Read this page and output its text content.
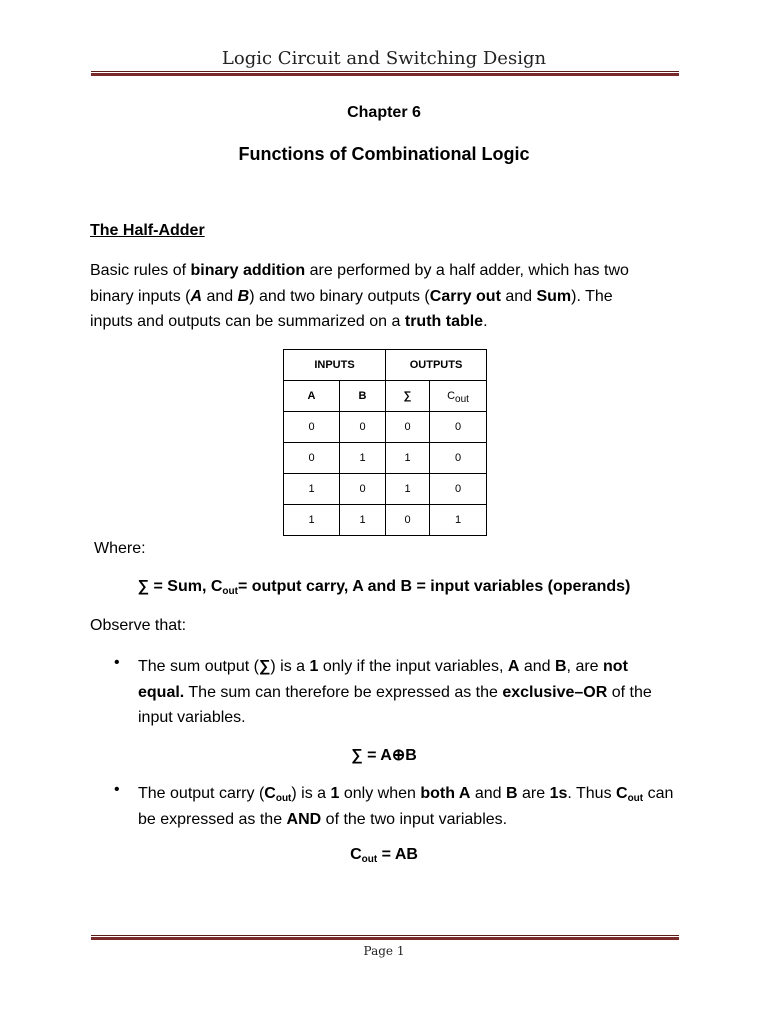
Logic Circuit and Switching Design
Chapter 6
Functions of Combinational Logic
The Half-Adder

Basic rules of binary addition are performed by a half adder, which has two binary inputs (A and B) and two binary outputs (Carry out and Sum). The inputs and outputs can be summarized on a truth table.

INPUTS		OUTPUTS	
A	B	∑	$C_{out}$
0	0	0	0
0	1	1	0
1	0	1	0
1	1	0	1
Where:
∑ = Sum, $C_{out}=$ output carry, A and B = input variables (operands)
Observe that:
• The sum output (∑) is a 1 only if the input variables, A and B, are not equal. The sum can therefore be expressed as the exclusive–OR of the input variables.

∑ = A⊕B
• The output carry $(C_{out})$ is a 1 only when both A and B are 1s. Thus $C_{out}$ can be expressed as the AND of the two input variables.

$C_{out}$ = AB
Page 1
